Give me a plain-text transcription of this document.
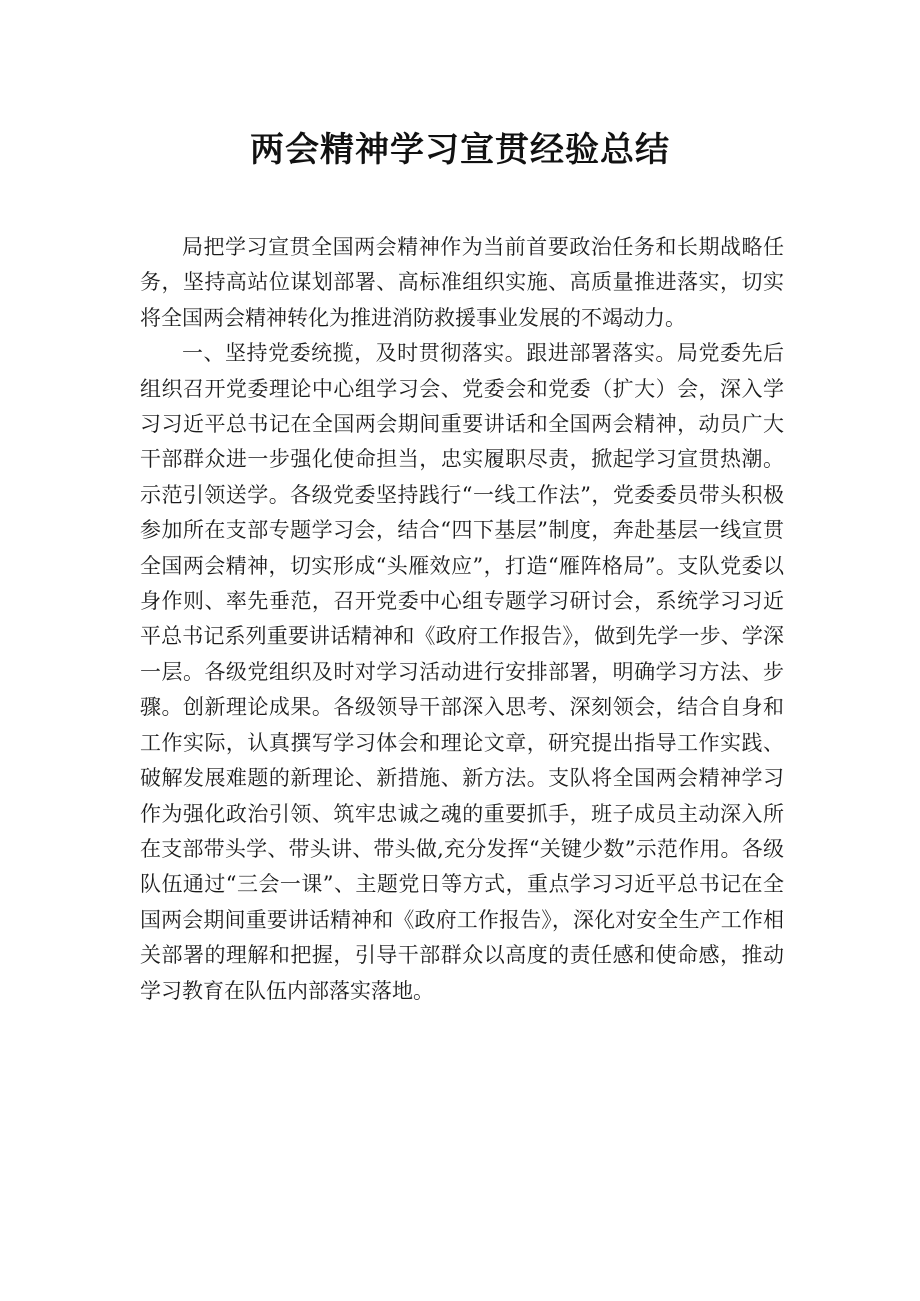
两会精神学习宣贯经验总结

局把学习宣贯全国两会精神作为当前首要政治任务和长期战略任务，坚持高站位谋划部署、高标准组织实施、高质量推进落实，切实将全国两会精神转化为推进消防救援事业发展的不竭动力。

一、坚持党委统揽，及时贯彻落实。跟进部署落实。局党委先后组织召开党委理论中心组学习会、党委会和党委（扩大）会，深入学习习近平总书记在全国两会期间重要讲话和全国两会精神，动员广大干部群众进一步强化使命担当，忠实履职尽责，掀起学习宣贯热潮。示范引领送学。各级党委坚持践行“一线工作法”，党委委员带头积极参加所在支部专题学习会，结合“四下基层”制度，奔赴基层一线宣贯全国两会精神，切实形成“头雁效应”，打造“雁阵格局”。支队党委以身作则、率先垂范，召开党委中心组专题学习研讨会，系统学习习近平总书记系列重要讲话精神和《政府工作报告》，做到先学一步、学深一层。各级党组织及时对学习活动进行安排部署，明确学习方法、步骤。创新理论成果。各级领导干部深入思考、深刻领会，结合自身和工作实际，认真撰写学习体会和理论文章，研究提出指导工作实践、破解发展难题的新理论、新措施、新方法。支队将全国两会精神学习作为强化政治引领、筑牢忠诚之魂的重要抓手，班子成员主动深入所在支部带头学、带头讲、带头做,充分发挥“关键少数”示范作用。各级队伍通过“三会一课”、主题党日等方式，重点学习习近平总书记在全国两会期间重要讲话精神和《政府工作报告》，深化对安全生产工作相关部署的理解和把握，引导干部群众以高度的责任感和使命感，推动学习教育在队伍内部落实落地。
